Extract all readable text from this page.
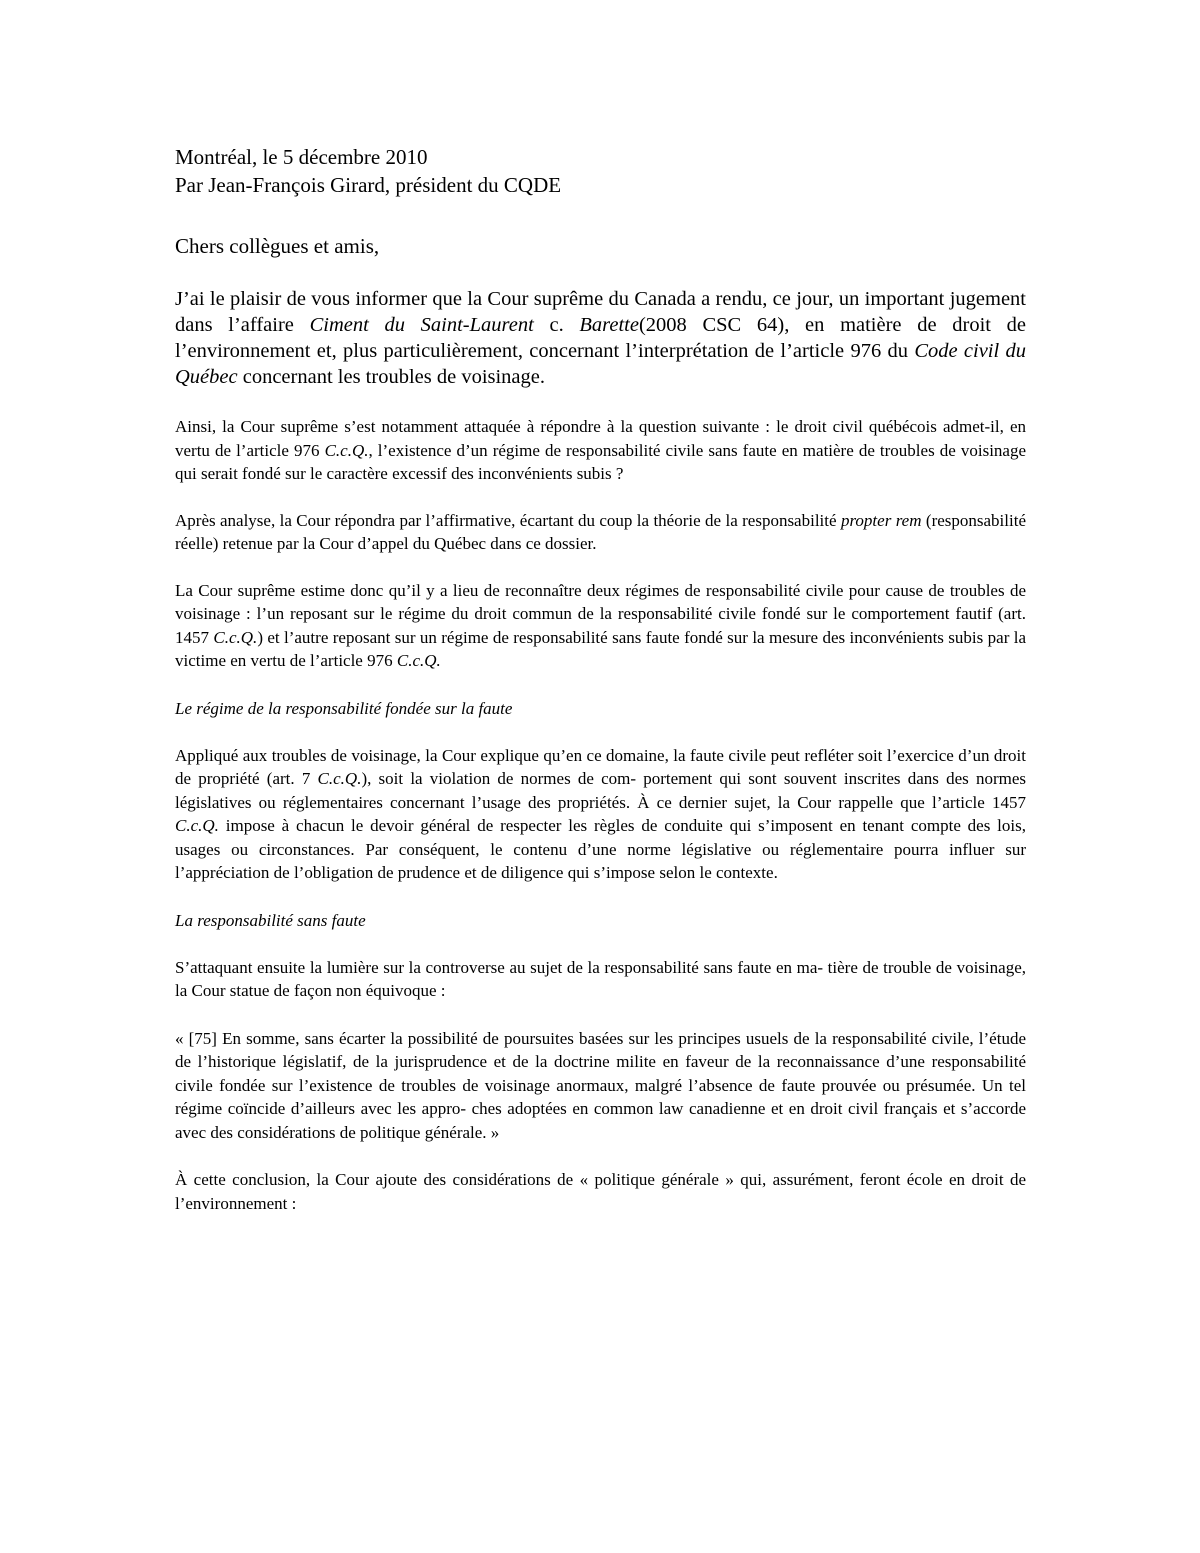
Montréal, le 5 décembre 2010

Par Jean-François Girard, président du CQDE

Chers collègues et amis,

J’ai le plaisir de vous informer que la Cour suprême du Canada a rendu, ce jour, un important jugement dans l’affaire Ciment du Saint-Laurent c. Barette(2008 CSC 64), en matière de droit de l’environnement et, plus particulièrement, concernant l’interprétation de l’article 976 du Code civil du Québec concernant les troubles de voisinage.

Ainsi, la Cour suprême s’est notamment attaquée à répondre à la question suivante : le droit civil québécois admet-il, en vertu de l’article 976 C.c.Q., l’existence d’un régime de responsabilité civile sans faute en matière de troubles de voisinage qui serait fondé sur le caractère excessif des inconvénients subis ?

Après analyse, la Cour répondra par l’affirmative, écartant du coup la théorie de la responsabilité propter rem (responsabilité réelle) retenue par la Cour d’appel du Québec dans ce dossier.

La Cour suprême estime donc qu’il y a lieu de reconnaître deux régimes de responsabilité civile pour cause de troubles de voisinage : l’un reposant sur le régime du droit commun de la responsabilité civile fondé sur le comportement fautif (art. 1457 C.c.Q.) et l’autre reposant sur un régime de responsabilité sans faute fondé sur la mesure des inconvénients subis par la victime en vertu de l’article 976 C.c.Q.

Le régime de la responsabilité fondée sur la faute

Appliqué aux troubles de voisinage, la Cour explique qu’en ce domaine, la faute civile peut refléter soit l’exercice d’un droit de propriété (art. 7 C.c.Q.), soit la violation de normes de com- portement qui sont souvent inscrites dans des normes législatives ou réglementaires concernant l’usage des propriétés. À ce dernier sujet, la Cour rappelle que l’article 1457 C.c.Q. impose à chacun le devoir général de respecter les règles de conduite qui s’imposent en tenant compte des lois, usages ou circonstances. Par conséquent, le contenu d’une norme législative ou réglementaire pourra influer sur l’appréciation de l’obligation de prudence et de diligence qui s’impose selon le contexte.

La responsabilité sans faute

S’attaquant ensuite la lumière sur la controverse au sujet de la responsabilité sans faute en ma- tière de trouble de voisinage, la Cour statue de façon non équivoque :

« [75] En somme, sans écarter la possibilité de poursuites basées sur les principes usuels de la responsabilité civile, l’étude de l’historique législatif, de la jurisprudence et de la doctrine milite en faveur de la reconnaissance d’une responsabilité civile fondée sur l’existence de troubles de voisinage anormaux, malgré l’absence de faute prouvée ou présumée. Un tel régime coïncide d’ailleurs avec les appro- ches adoptées en common law canadienne et en droit civil français et s’accorde avec des considérations de politique générale. »

À cette conclusion, la Cour ajoute des considérations de « politique générale » qui, assurément, feront école en droit de l’environnement :
